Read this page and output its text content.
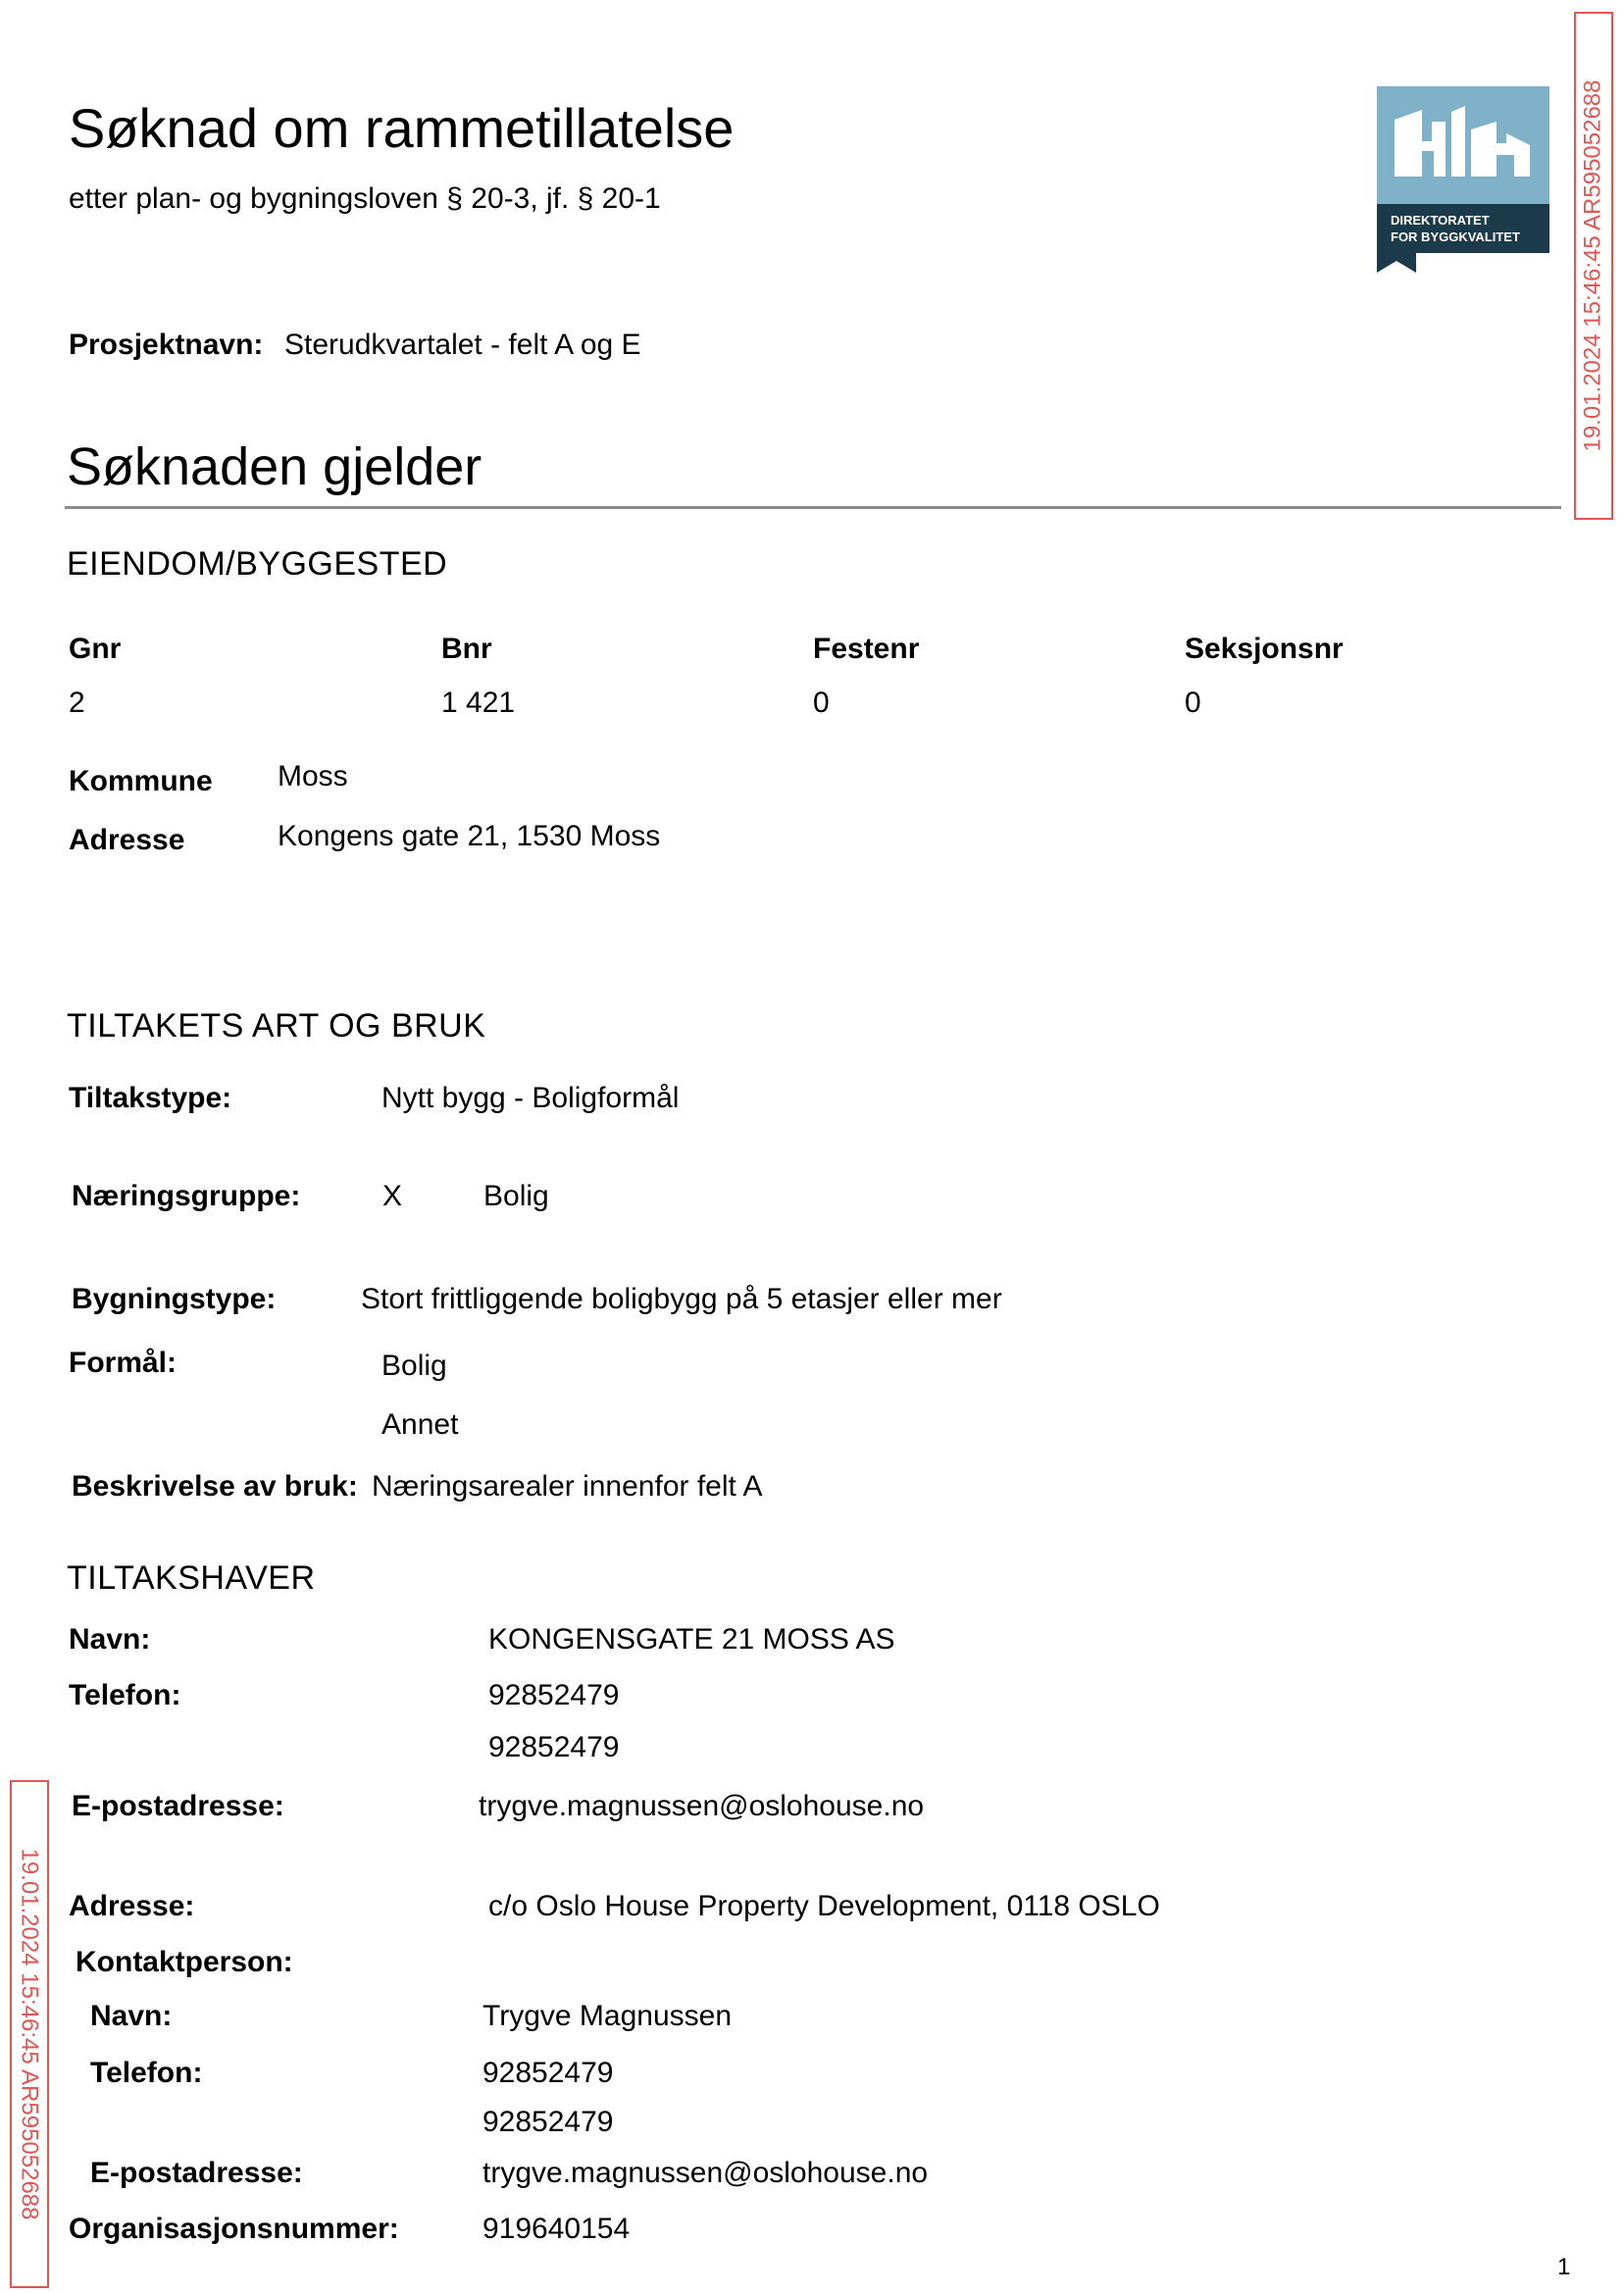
Søknad om rammetillatelse
etter plan- og bygningsloven § 20-3, jf. § 20-1
DIREKTORATET
FOR BYGGKVALITET
Prosjektnavn: Sterudkvartalet - felt A og E
Søknaden gjelder
EIENDOM/BYGGESTED
Gnr	Bnr	Festenr	Seksjonsnr
2	1 421	0	0
Kommune Moss
Adresse	Kongens gate 21, 1530 Moss
TILTAKETS ART OG BRUK
Tiltakstype:	Nytt bygg - Boligformål
Næringsgruppe:	X	Bolig
Bygningstype:	Stort frittliggende boligbygg på 5 etasjer eller mer
Formål:	Bolig
Annet
Beskrivelse av bruk: Næringsarealer innenfor felt A
TILTAKSHAVER
Navn:	KONGENSGATE 21 MOSS AS
Telefon:	92852479
92852479
E-postadresse:	trygve.magnussen@oslohouse.no
Adresse:	c/o Oslo House Property Development, 0118 OSLO
Kontaktperson:
Navn:	Trygve Magnussen
Telefon:	92852479
92852479
E-postadresse:	trygve.magnussen@oslohouse.no
Organisasjonsnummer:	919640154
19.01.2024 15:46:45 AR595052688
19.01.2024 15:46:45 AR595052688
1
